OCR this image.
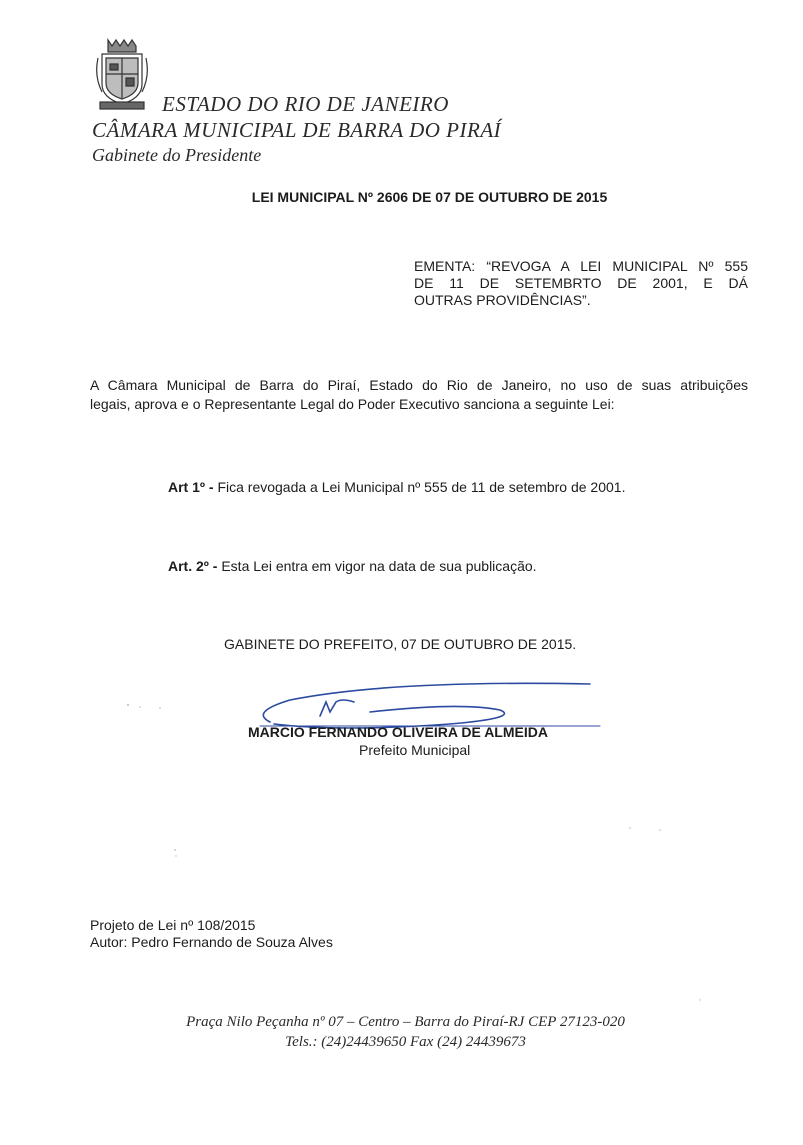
ESTADO DO RIO DE JANEIRO
CÂMARA MUNICIPAL DE BARRA DO PIRAÍ
Gabinete do Presidente
LEI MUNICIPAL Nº 2606 DE 07 DE OUTUBRO DE 2015
EMENTA: “REVOGA A LEI MUNICIPAL Nº 555
DE 11 DE SETEMBRTO DE 2001, E DÁ
OUTRAS PROVIDÊNCIAS”.
A Câmara Municipal de Barra do Piraí, Estado do Rio de Janeiro, no uso de suas atribuições
legais, aprova e o Representante Legal do Poder Executivo sanciona a seguinte Lei:
Art 1º - Fica revogada a Lei Municipal nº 555 de 11 de setembro de 2001.
Art. 2º - Esta Lei entra em vigor na data de sua publicação.
GABINETE DO PREFEITO, 07 DE OUTUBRO DE 2015.
MARCIO FERNANDO OLIVEIRA DE ALMEIDA
Prefeito Municipal
Projeto de Lei nº 108/2015
Autor: Pedro Fernando de Souza Alves
Praça Nilo Peçanha nº 07 – Centro – Barra do Piraí-RJ CEP 27123-020
Tels.: (24)24439650 Fax (24) 24439673
